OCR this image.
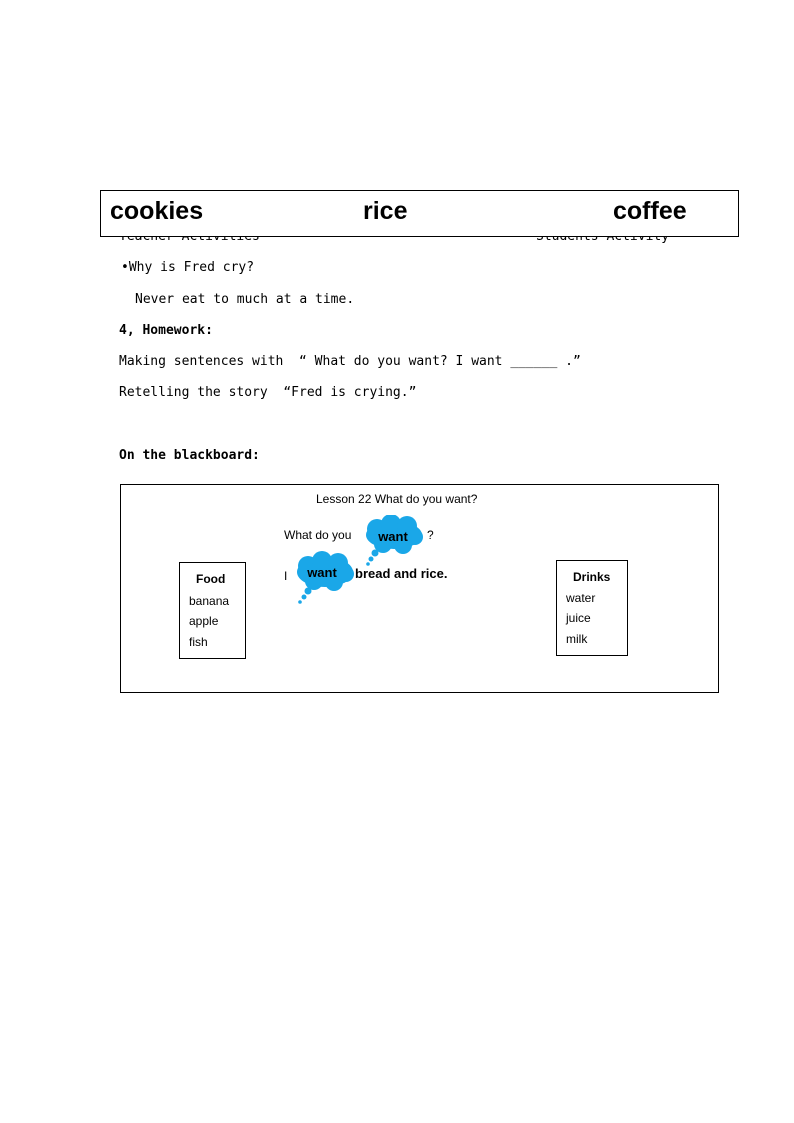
cookies	rice	coffee
•Why is Fred cry?
Never eat to much at a time.
4, Homework:
Making sentences with  “ What do you want? I want ______ .”
Retelling the story  “Fred is crying.”
On the blackboard:
Lesson 22 What do you want?
What do you	want	?
I	want	bread and rice.
Food
banana
apple
fish
Drinks
water
juice
milk
